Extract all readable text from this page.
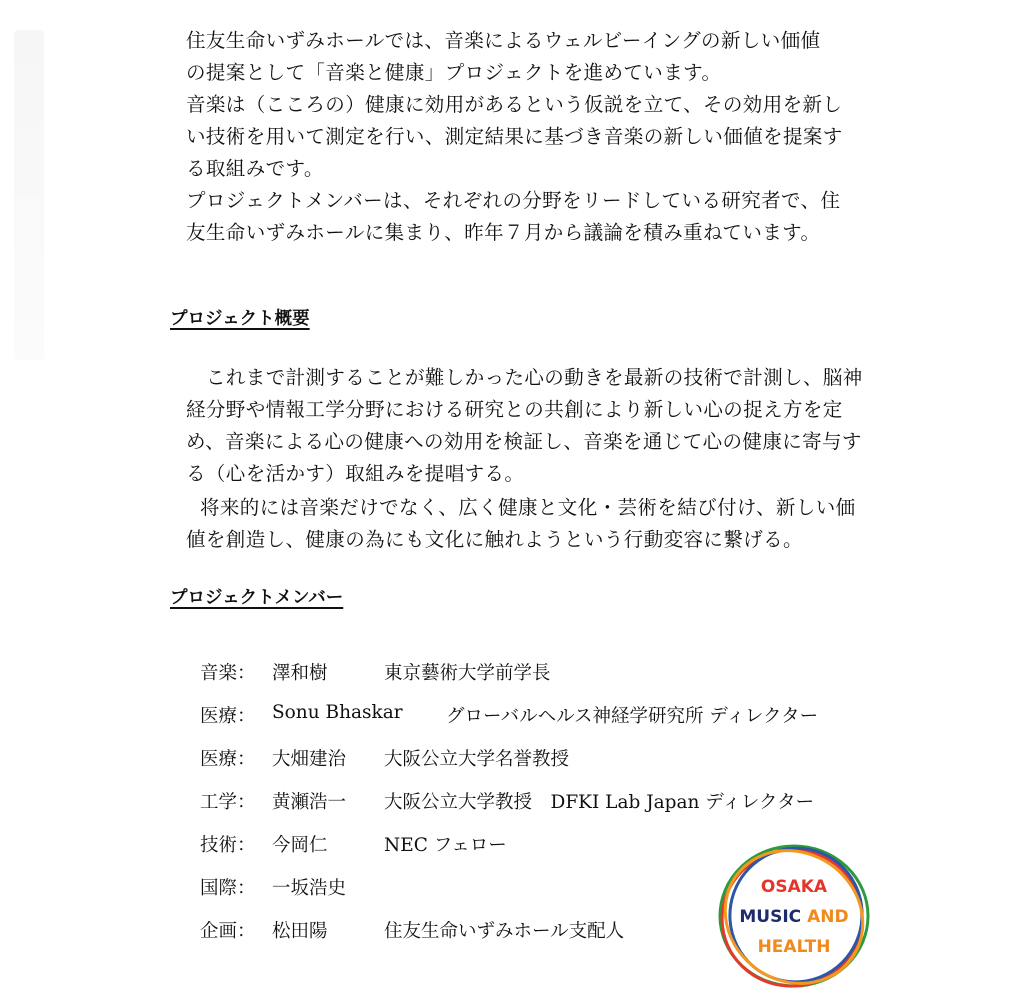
住友生命いずみホールでは、音楽によるウェルビーイングの新しい価値
の提案として「音楽と健康」プロジェクトを進めています。
音楽は（こころの）健康に効用があるという仮説を立て、その効用を新し
い技術を用いて測定を行い、測定結果に基づき音楽の新しい価値を提案す
る取組みです。
プロジェクトメンバーは、それぞれの分野をリードしている研究者で、住
友生命いずみホールに集まり、昨年７月から議論を積み重ねています。
プロジェクト概要
これまで計測することが難しかった心の動きを最新の技術で計測し、脳神
経分野や情報工学分野における研究との共創により新しい心の捉え方を定
め、音楽による心の健康への効用を検証し、音楽を通じて心の健康に寄与す
る（心を活かす）取組みを提唱する。
将来的には音楽だけでなく、広く健康と文化・芸術を結び付け、新しい価
値を創造し、健康の為にも文化に触れようという行動変容に繋げる。
プロジェクトメンバー
音楽： 澤和樹	東京藝術大学前学長
医療： Sonu Bhaskar グローバルヘルス神経学研究所 ディレクター
医療： 大畑建治 大阪公立大学名誉教授
工学： 黄瀬浩一 大阪公立大学教授　DFKI Lab Japan ディレクター
技術： 今岡仁	NEC フェロー
国際： 一坂浩史
企画： 松田陽	住友生命いずみホール支配人
OSAKA
MUSIC AND
HEALTH
